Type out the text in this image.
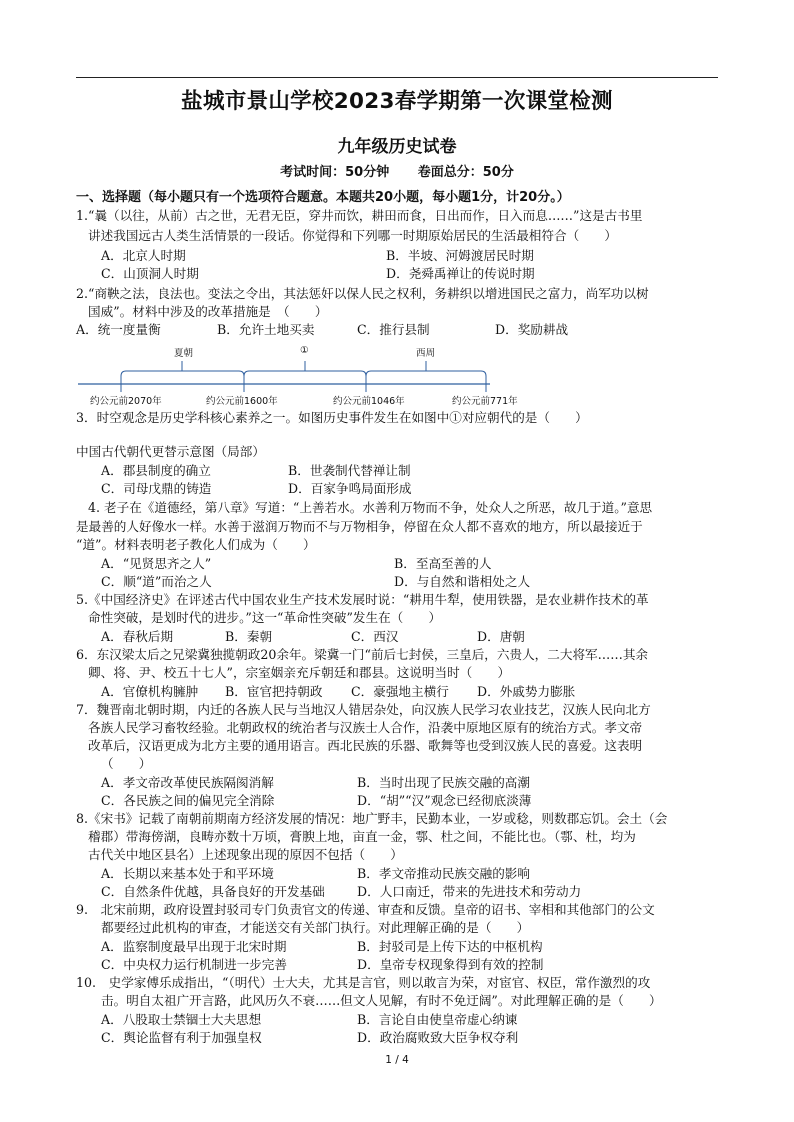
盐城市景山学校2023春学期第一次课堂检测
九年级历史试卷
考试时间：50分钟 卷面总分：50分
一、选择题（每小题只有一个选项符合题意。本题共20小题，每小题1分，计20分。）
1.“曩（以往，从前）古之世，无君无臣，穿井而饮，耕田而食，日出而作，日入而息……”这是古书里
讲述我国远古人类生活情景的一段话。你觉得和下列哪一时期原始居民的生活最相符合（　　）
A．北京人时期	B．半坡、河姆渡居民时期
C．山顶洞人时期	D．尧舜禹禅让的传说时期
2.“商鞅之法，良法也。变法之令出，其法惩奸以保人民之权利，务耕织以增进国民之富力，尚军功以树
国威”。材料中涉及的改革措施是　（　　）
A．统一度量衡	B．允许土地买卖	C．推行县制	D．奖励耕战
夏朝	①	西周
约公元前2070年	约公元前1600年	约公元前1046年	约公元前771年
3．时空观念是历史学科核心素养之一。如图历史事件发生在如图中①对应朝代的是（　　）
中国古代朝代更替示意图（局部）
A．郡县制度的确立	B．世袭制代替禅让制
C．司母戊鼎的铸造	D．百家争鸣局面形成
4. 老子在《道德经，第八章》写道：“上善若水。水善利万物而不争，处众人之所恶，故几于道。”意思
是最善的人好像水一样。水善于滋润万物而不与万物相争，停留在众人都不喜欢的地方，所以最接近于
“道”。材料表明老子教化人们成为（　　）
A．“见贤思齐之人”	B．至高至善的人
C．顺“道”而治之人	D．与自然和谐相处之人
5.《中国经济史》在评述古代中国农业生产技术发展时说：“耕用牛犁，使用铁器，是农业耕作技术的革
命性突破，是划时代的进步。”这一“革命性突破”发生在（　　）
A．春秋后期	B．秦朝	C．西汉	D．唐朝
6．东汉梁太后之兄梁冀独揽朝政20余年。梁冀一门“前后七封侯，三皇后，六贵人，二大将军……其余
卿、将、尹、校五十七人”，宗室姻亲充斥朝廷和郡县。这说明当时（　　）
A．官僚机构臃肿 B．宦官把持朝政 C．豪强地主横行 D．外戚势力膨胀
7．魏晋南北朝时期，内迁的各族人民与当地汉人错居杂处，向汉族人民学习农业技艺，汉族人民向北方
各族人民学习畜牧经验。北朝政权的统治者与汉族士人合作，沿袭中原地区原有的统治方式。孝文帝
改革后，汉语更成为北方主要的通用语言。西北民族的乐器、歌舞等也受到汉族人民的喜爱。这表明
（　　）
A．孝文帝改革使民族隔阂消解	B．当时出现了民族交融的高潮
C．各民族之间的偏见完全消除	D．“胡”“汉”观念已经彻底淡薄
8.《宋书》记载了南朝前期南方经济发展的情况：地广野丰，民勤本业，一岁或稔，则数郡忘饥。会土（会
稽郡）带海傍湖，良畴亦数十万顷，膏腴上地，亩直一金，鄠、杜之间，不能比也。（鄠、杜，均为
古代关中地区县名）上述现象出现的原因不包括（　　）
A．长期以来基本处于和平环境	B．孝文帝推动民族交融的影响
C．自然条件优越，具备良好的开发基础	D．人口南迁，带来的先进技术和劳动力
9.　北宋前期，政府设置封驳司专门负责官文的传递、审查和反馈。皇帝的诏书、宰相和其他部门的公文
都要经过此机构的审查，才能送交有关部门执行。对此理解正确的是（　　）
A．监察制度最早出现于北宋时期	B．封驳司是上传下达的中枢机构
C．中央权力运行机制进一步完善	D．皇帝专权现象得到有效的控制
10.　史学家傅乐成指出，“（明代）士大夫，尤其是言官，则以敢言为荣，对宦官、权臣，常作激烈的攻
击。明自太祖广开言路，此风历久不衰……但文人见解，有时不免迂阔”。对此理解正确的是（　　）
A．八股取士禁锢士大夫思想	B．言论自由使皇帝虚心纳谏
C．舆论监督有利于加强皇权	D．政治腐败致大臣争权夺利
1 / 4
